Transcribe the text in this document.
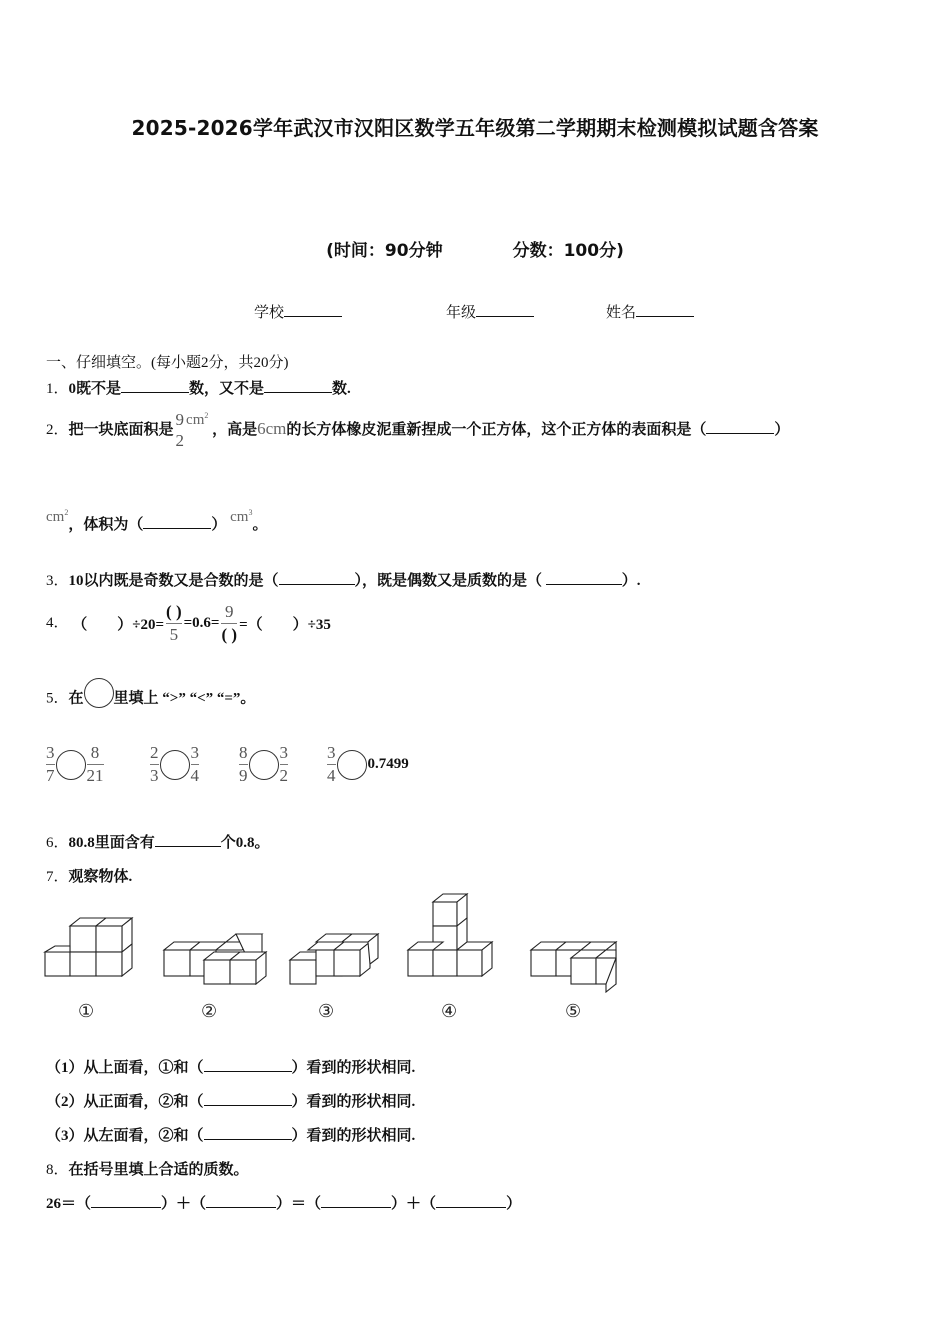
2025-2026学年武汉市汉阳区数学五年级第二学期期末检测模拟试题含答案
(时间：90分钟	分数：100分)
学校	年级	姓名
一、仔细填空。(每小题2分，共20分)
1．0既不是	数，又不是	数.
2．把一块底面积是
9
2
$cm^2$ ，高是6cm的长方体橡皮泥重新捏成一个正方体，这个正方体的表面积是（	）
$cm^2$，体积为（	） $cm^3$。
3．10以内既是奇数又是合数的是（	），既是偶数又是质数的是（	）.
4． （　　）$\div 20= \frac{( )}{5} =0.6= \frac{9}{( )}$ =（　　）÷35
5．在 里填上 “>” “<” “=”。
$\frac{3}{7} \frac{8}{21}$	$\frac{2}{3} \frac{3}{4} \frac{8}{9} \frac{3}{2} \frac{3}{4} 0.7499$
6．80.8里面含有	个0.8。
7．观察物体.
①	②	③	④	⑤
（1）从上面看，①和（	）看到的形状相同.
（2）从正面看，②和（	）看到的形状相同.
（3）从左面看，②和（	）看到的形状相同.
8．在括号里填上合适的质数。
26＝（	）＋（	）＝（	）＋（	）
